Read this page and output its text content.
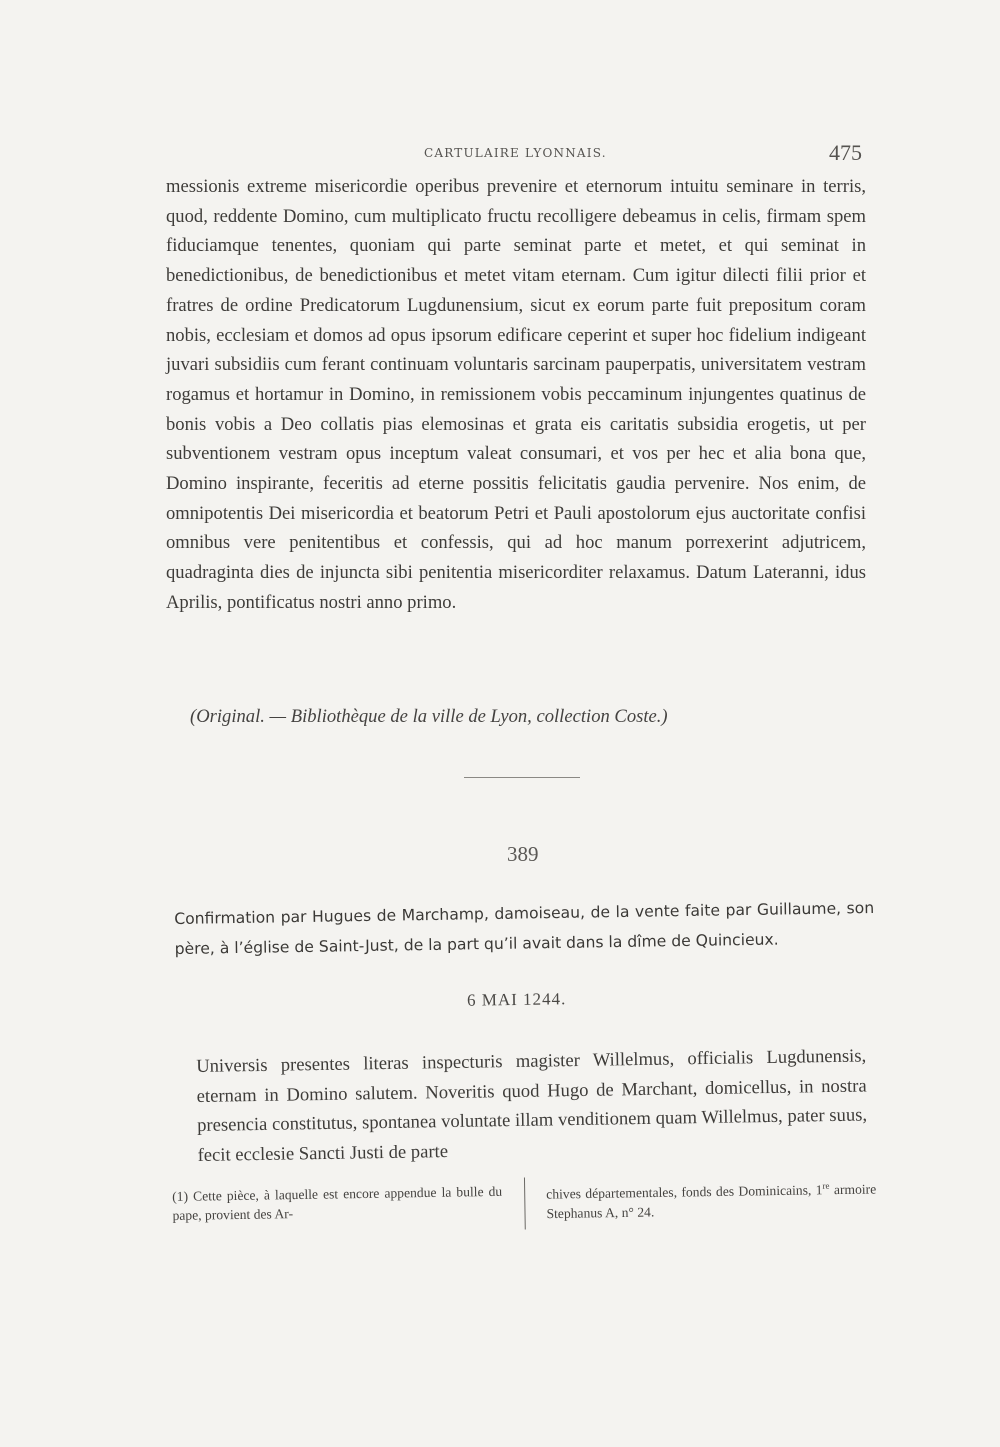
CARTULAIRE LYONNAIS.	475

messionis extreme misericordie operibus prevenire et eternorum intuitu seminare in terris, quod, reddente Domino, cum multiplicato fructu recolligere debeamus in celis, firmam spem fiduciamque tenentes, quoniam qui parte seminat parte et metet, et qui seminat in benedictionibus, de benedictionibus et metet vitam eternam. Cum igitur dilecti filii prior et fratres de ordine Predicatorum Lugdunensium, sicut ex eorum parte fuit prepositum coram nobis, ecclesiam et domos ad opus ipsorum edificare ceperint et super hoc fidelium indigeant juvari subsidiis cum ferant continuam voluntaris sarcinam pauperpatis, universitatem vestram rogamus et hortamur in Domino, in remissionem vobis peccaminum injungentes quatinus de bonis vobis a Deo collatis pias elemosinas et grata eis caritatis subsidia erogetis, ut per subventionem vestram opus inceptum valeat consumari, et vos per hec et alia bona que, Domino inspirante, feceritis ad eterne possitis felicitatis gaudia pervenire. Nos enim, de omnipotentis Dei misericordia et beatorum Petri et Pauli apostolorum ejus auctoritate confisi omnibus vere penitentibus et confessis, qui ad hoc manum porrexerint adjutricem, quadraginta dies de injuncta sibi penitentia misericorditer relaxamus. Datum Lateranni, idus Aprilis, pontificatus nostri anno primo.

(Original. — Bibliothèque de la ville de Lyon, collection Coste.)

389

Confirmation par Hugues de Marchamp, damoiseau, de la vente faite par Guillaume, son père, à l’église de Saint-Just, de la part qu’il avait dans la dîme de Quincieux.

6 MAI 1244.

Universis presentes literas inspecturis magister Willelmus, officialis Lugdunensis, eternam in Domino salutem. Noveritis quod Hugo de Marchant, domicellus, in nostra presencia constitutus, spontanea voluntate illam venditionem quam Willelmus, pater suus, fecit ecclesie Sancti Justi de parte

(1) Cette pièce, à laquelle est encore appendue la bulle du pape, provient des Ar-

chives départementales, fonds des Dominicains, 1re armoire Stephanus A, n° 24.
